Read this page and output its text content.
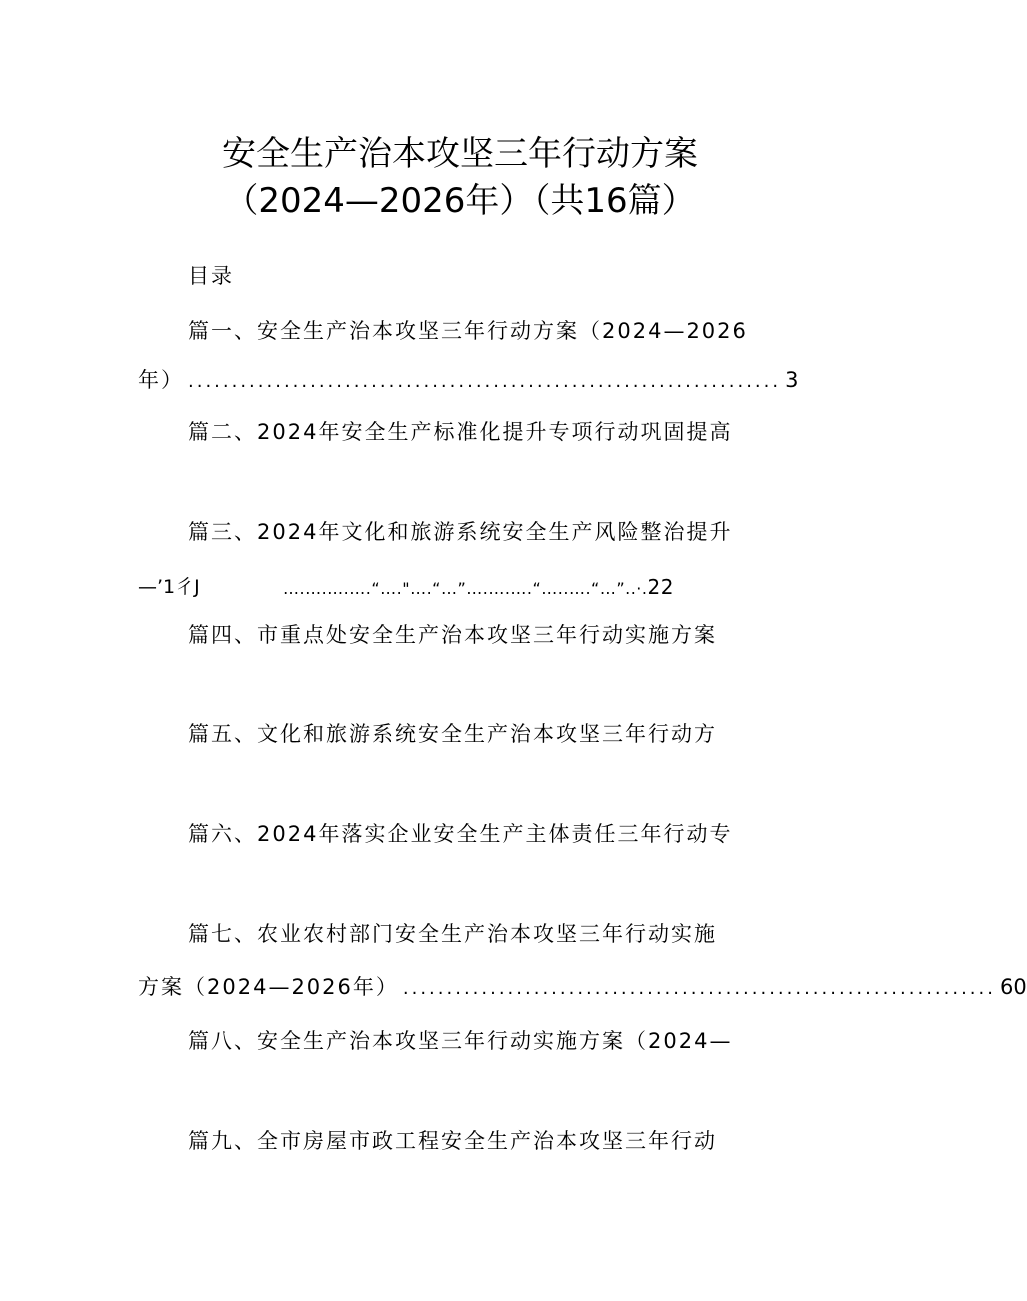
安全生产治本攻坚三年行动方案
（2024—2026年）（共16篇）
目录
篇一、安全生产治本攻坚三年行动方案（2024—2026
年） .................................................................... 3
篇二、2024年安全生产标准化提升专项行动巩固提高
篇三、2024年文化和旅游系统安全生产风险整治提升
—’1彳J	….….….….“…."….“…”….….….“…..….“…”..·.22
篇四、市重点处安全生产治本攻坚三年行动实施方案
篇五、文化和旅游系统安全生产治本攻坚三年行动方
篇六、2024年落实企业安全生产主体责任三年行动专
篇七、农业农村部门安全生产治本攻坚三年行动实施
方案（2024—2026年） .................................................................... 60
篇八、安全生产治本攻坚三年行动实施方案（2024—
篇九、全市房屋市政工程安全生产治本攻坚三年行动
